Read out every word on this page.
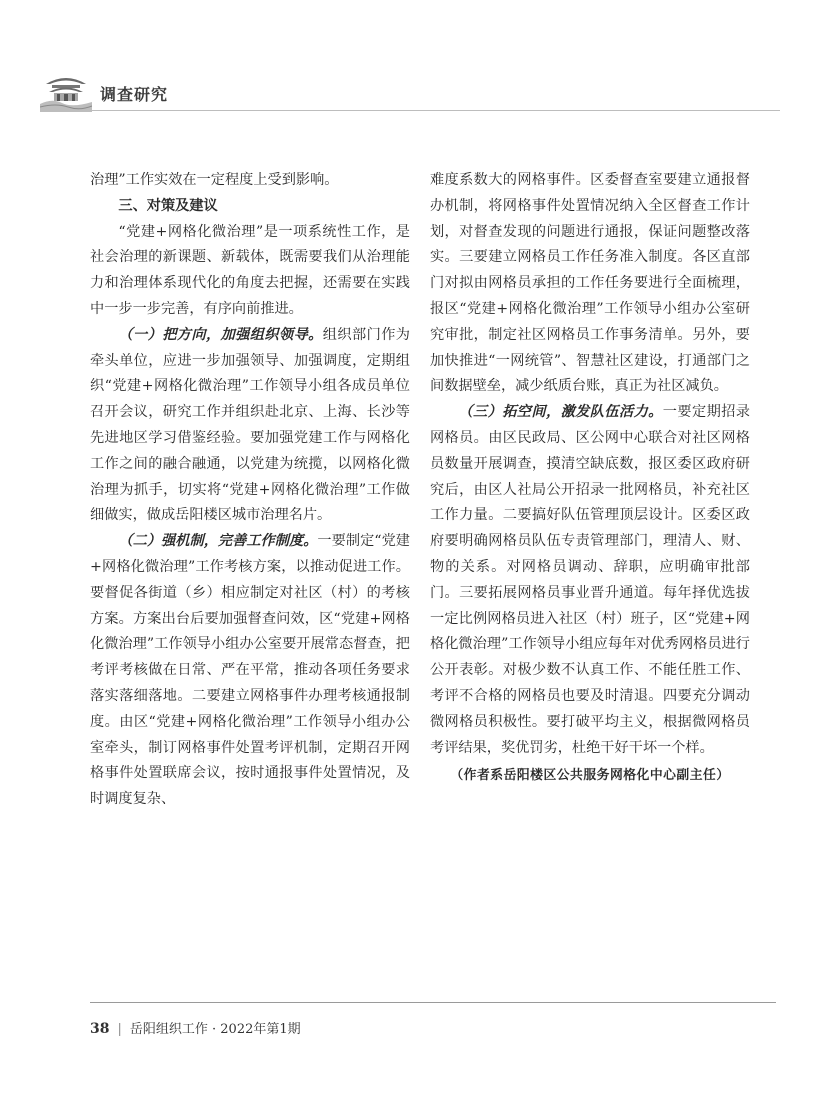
调查研究

治理”工作实效在一定程度上受到影响。

三、对策及建议

“党建+网格化微治理”是一项系统性工作，是社会治理的新课题、新载体，既需要我们从治理能力和治理体系现代化的角度去把握，还需要在实践中一步一步完善，有序向前推进。

（一）把方向，加强组织领导。组织部门作为牵头单位，应进一步加强领导、加强调度，定期组织“党建+网格化微治理”工作领导小组各成员单位召开会议，研究工作并组织赴北京、上海、长沙等先进地区学习借鉴经验。要加强党建工作与网格化工作之间的融合融通，以党建为统揽，以网格化微治理为抓手，切实将“党建+网格化微治理”工作做细做实，做成岳阳楼区城市治理名片。

（二）强机制，完善工作制度。一要制定“党建+网格化微治理”工作考核方案，以推动促进工作。要督促各街道（乡）相应制定对社区（村）的考核方案。方案出台后要加强督查问效，区“党建+网格化微治理”工作领导小组办公室要开展常态督查，把考评考核做在日常、严在平常，推动各项任务要求落实落细落地。二要建立网格事件办理考核通报制度。由区“党建+网格化微治理”工作领导小组办公室牵头，制订网格事件处置考评机制，定期召开网格事件处置联席会议，按时通报事件处置情况，及时调度复杂、

难度系数大的网格事件。区委督查室要建立通报督办机制，将网格事件处置情况纳入全区督查工作计划，对督查发现的问题进行通报，保证问题整改落实。三要建立网格员工作任务准入制度。各区直部门对拟由网格员承担的工作任务要进行全面梳理，报区“党建+网格化微治理”工作领导小组办公室研究审批，制定社区网格员工作事务清单。另外，要加快推进“一网统管”、智慧社区建设，打通部门之间数据壁垒，减少纸质台账，真正为社区减负。

（三）拓空间，激发队伍活力。一要定期招录网格员。由区民政局、区公网中心联合对社区网格员数量开展调查，摸清空缺底数，报区委区政府研究后，由区人社局公开招录一批网格员，补充社区工作力量。二要搞好队伍管理顶层设计。区委区政府要明确网格员队伍专责管理部门，理清人、财、物的关系。对网格员调动、辞职，应明确审批部门。三要拓展网格员事业晋升通道。每年择优选拔一定比例网格员进入社区（村）班子，区“党建+网格化微治理”工作领导小组应每年对优秀网格员进行公开表彰。对极少数不认真工作、不能任胜工作、考评不合格的网格员也要及时清退。四要充分调动微网格员积极性。要打破平均主义，根据微网格员考评结果，奖优罚劣，杜绝干好干坏一个样。

（作者系岳阳楼区公共服务网格化中心副主任）

38 | 岳阳组织工作 · 2022年第1期
